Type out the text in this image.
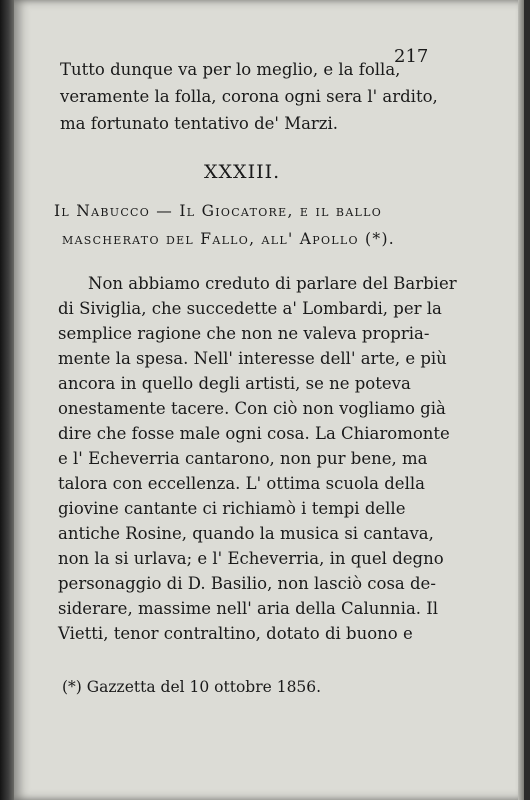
217
Tutto dunque va per lo meglio, e la folla,
veramente la folla, corona ogni sera l' ardito,
ma fortunato tentativo de' Marzi.
XXXIII.
Il Nabucco — Il Giocatore, e il ballo
mascherato del Fallo, all' Apollo (*).
Non abbiamo creduto di parlare del Barbier
di Siviglia, che succedette a' Lombardi, per la
semplice ragione che non ne valeva propria-
mente la spesa. Nell' interesse dell' arte, e più
ancora in quello degli artisti, se ne poteva
onestamente tacere. Con ciò non vogliamo già
dire che fosse male ogni cosa. La Chiaromonte
e l' Echeverria cantarono, non pur bene, ma
talora con eccellenza. L' ottima scuola della
giovine cantante ci richiamò i tempi delle
antiche Rosine, quando la musica si cantava,
non la si urlava; e l' Echeverria, in quel degno
personaggio di D. Basilio, non lasciò cosa de-
siderare, massime nell' aria della Calunnia. Il
Vietti, tenor contraltino, dotato di buono e
(*) Gazzetta del 10 ottobre 1856.
